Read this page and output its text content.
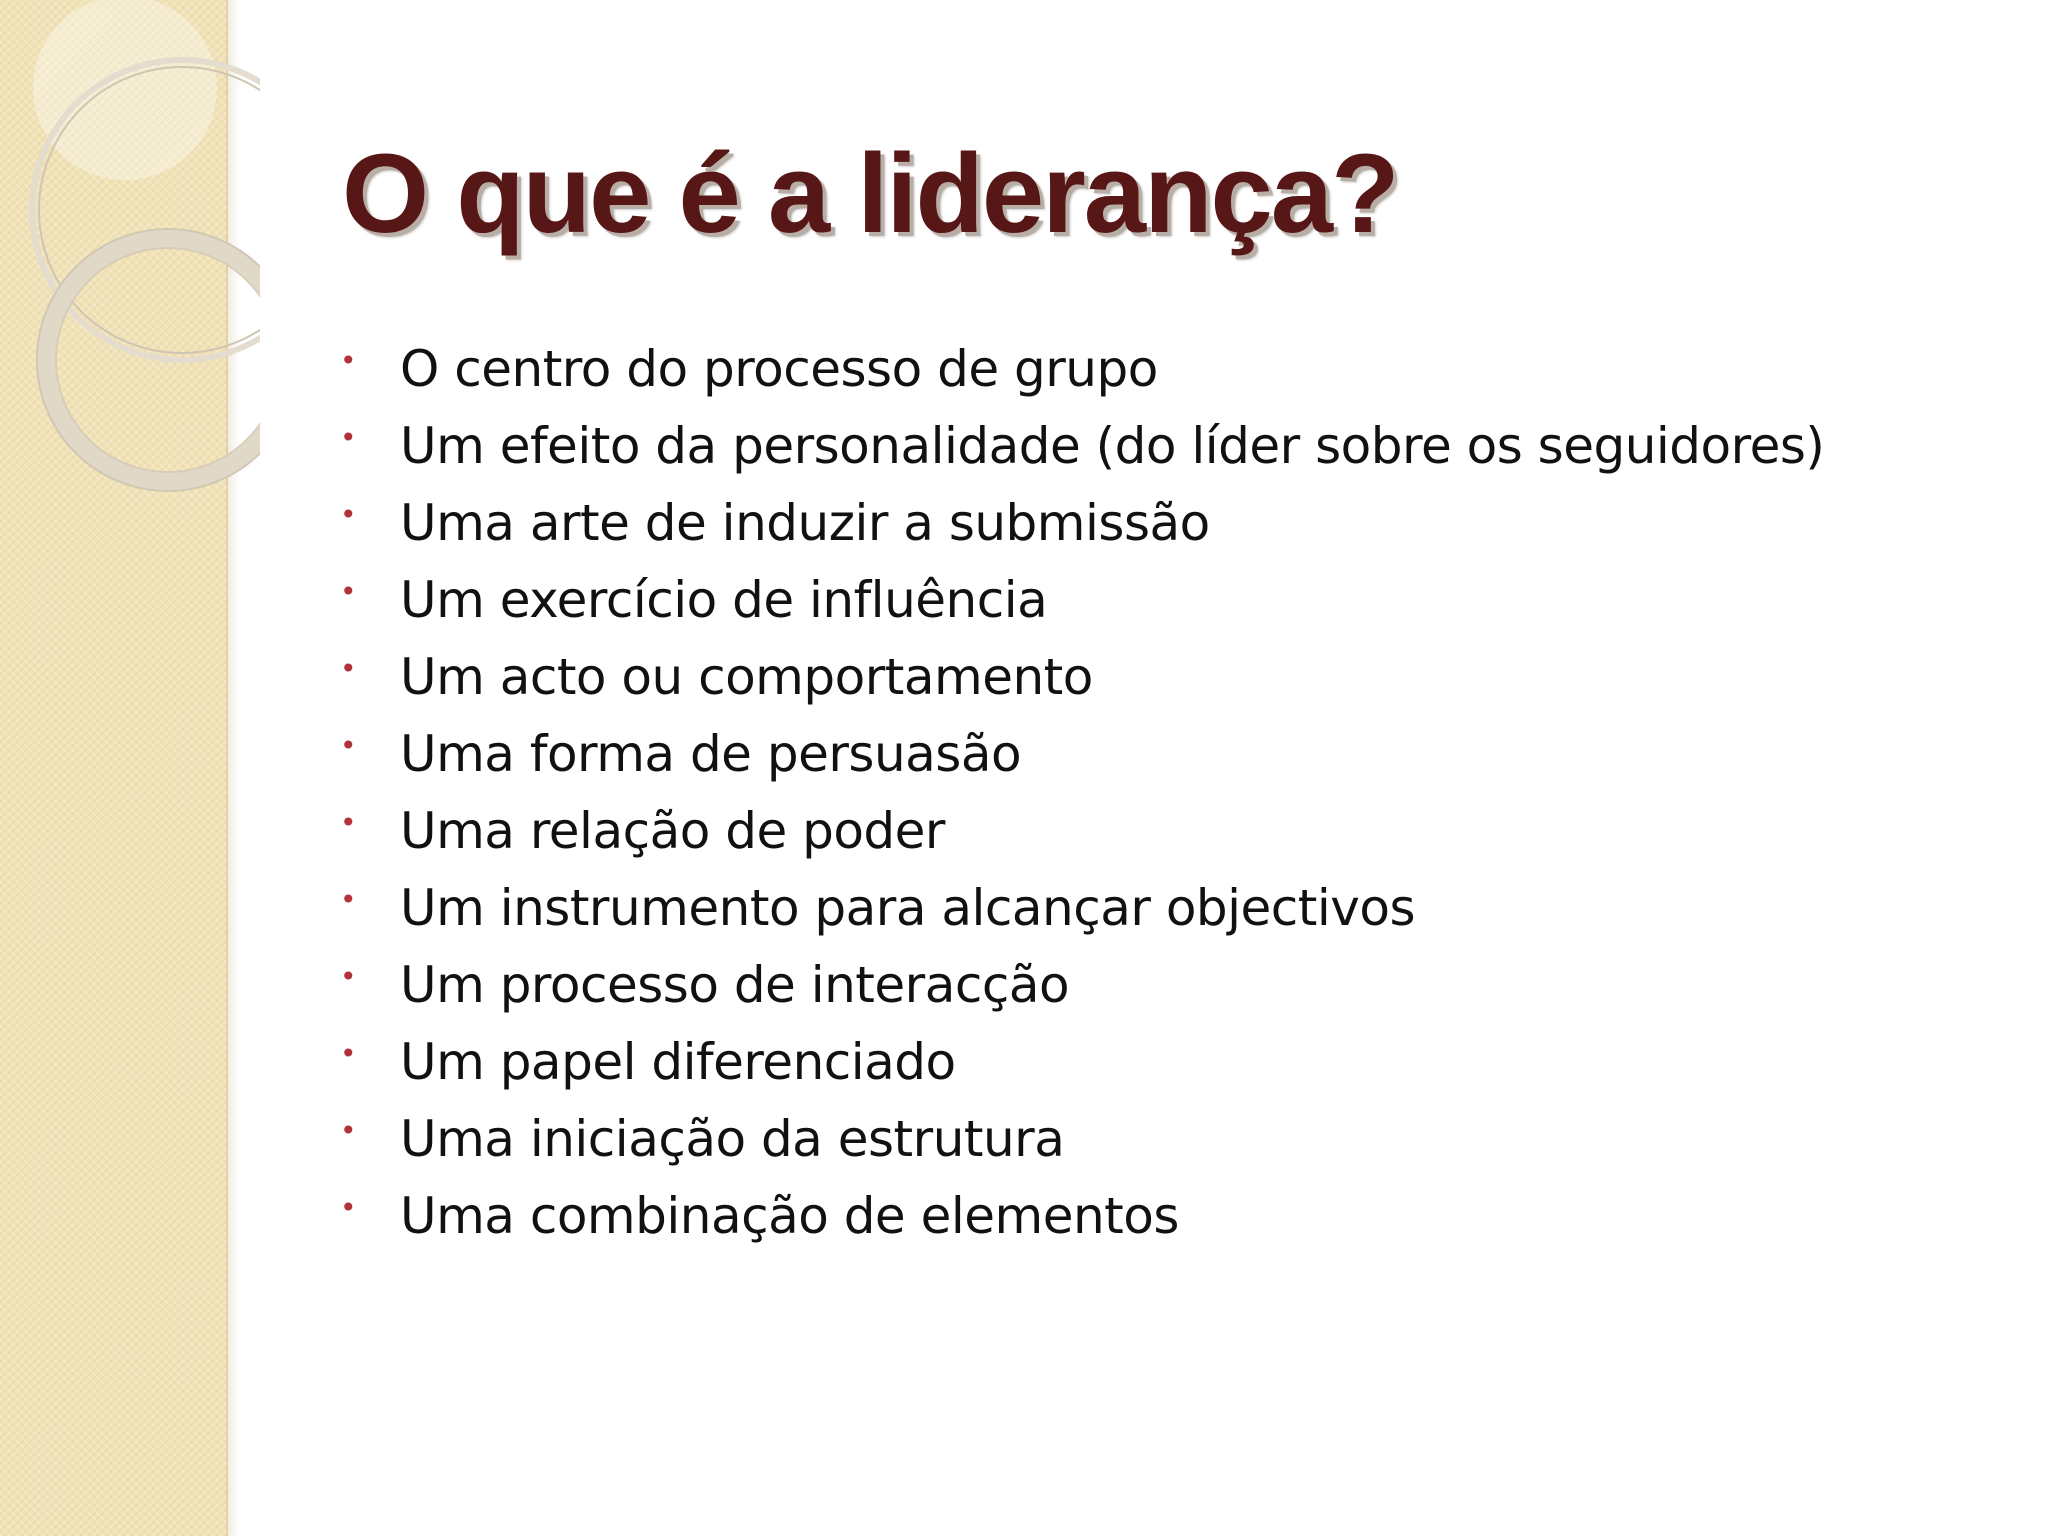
O que é a liderança?
• O centro do processo de grupo
• Um efeito da personalidade (do líder sobre os seguidores)
• Uma arte de induzir a submissão
• Um exercício de influência
• Um acto ou comportamento
• Uma forma de persuasão
• Uma relação de poder
• Um instrumento para alcançar objectivos
• Um processo de interacção
• Um papel diferenciado
• Uma iniciação da estrutura
• Uma combinação de elementos
